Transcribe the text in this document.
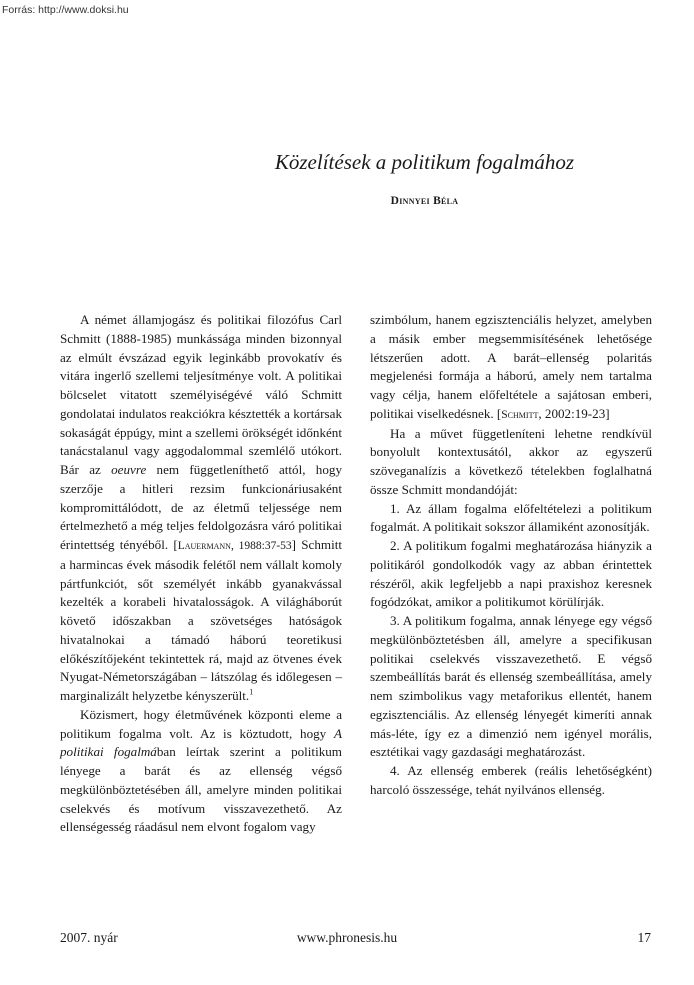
Forrás: http://www.doksi.hu
Közelítések a politikum fogalmához
Dinnyei Béla

A német államjogász és politikai filozófus Carl Schmitt (1888-1985) munkássága minden bizonnyal az elmúlt évszázad egyik leginkább provokatív és vitára ingerlő szellemi teljesítménye volt. A politikai bölcselet vitatott személyiségévé váló Schmitt gondolatai indulatos reakciókra késztették a kortársak sokaságát éppúgy, mint a szellemi örökségét időnként tanácstalanul vagy aggodalommal szemlélő utókort. Bár az oeuvre nem függetleníthető attól, hogy szerzője a hitleri rezsim funkcionáriusaként kompromittálódott, de az életmű teljessége nem értelmezhető a még teljes feldolgozásra váró politikai érintettség tényéből. [Lauermann, 1988:37-53] Schmitt a harmincas évek második felétől nem vállalt komoly pártfunkciót, sőt személyét inkább gyanakvással kezelték a korabeli hivatalosságok. A világháborút követő időszakban a szövetséges hatóságok hivatalnokai a támadó háború teoretikusi előkészítőjeként tekintettek rá, majd az ötvenes évek Nyugat-Németországában – látszólag és időlegesen – marginalizált helyzetbe kényszerült.$^1$

Közismert, hogy életművének központi eleme a politikum fogalma volt. Az is köztudott, hogy A politikai fogalmában leírtak szerint a politikum lényege a barát és az ellenség végső megkülönböztetésében áll, amelyre minden politikai cselekvés és motívum visszavezethető. Az ellenségesség ráadásul nem elvont fogalom vagy

szimbólum, hanem egzisztenciális helyzet, amelyben a másik ember megsemmisítésének lehetősége létszerűen adott. A barát–ellenség polaritás megjelenési formája a háború, amely nem tartalma vagy célja, hanem előfeltétele a sajátosan emberi, politikai viselkedésnek. [Schmitt, 2002:19-23]

Ha a művet függetleníteni lehetne rendkívül bonyolult kontextusától, akkor az egyszerű szöveganalízis a következő tételekben foglalhatná össze Schmitt mondandóját:

1. Az állam fogalma előfeltételezi a politikum fogalmát. A politikait sokszor államiként azonosítják.

2. A politikum fogalmi meghatározása hiányzik a politikáról gondolkodók vagy az abban érintettek részéről, akik legfeljebb a napi praxishoz keresnek fogódzókat, amikor a politikumot körülírják.

3. A politikum fogalma, annak lényege egy végső megkülönböztetésben áll, amelyre a specifikusan politikai cselekvés visszavezethető. E végső szembeállítás barát és ellenség szembeállítása, amely nem szimbolikus vagy metaforikus ellentét, hanem egzisztenciális. Az ellenség lényegét kimeríti annak más-léte, így ez a dimenzió nem igényel morális, esztétikai vagy gazdasági meghatározást.

4. Az ellenség emberek (reális lehetőségként) harcoló összessége, tehát nyilvános ellenség.

2007. nyár	www.phronesis.hu	17
